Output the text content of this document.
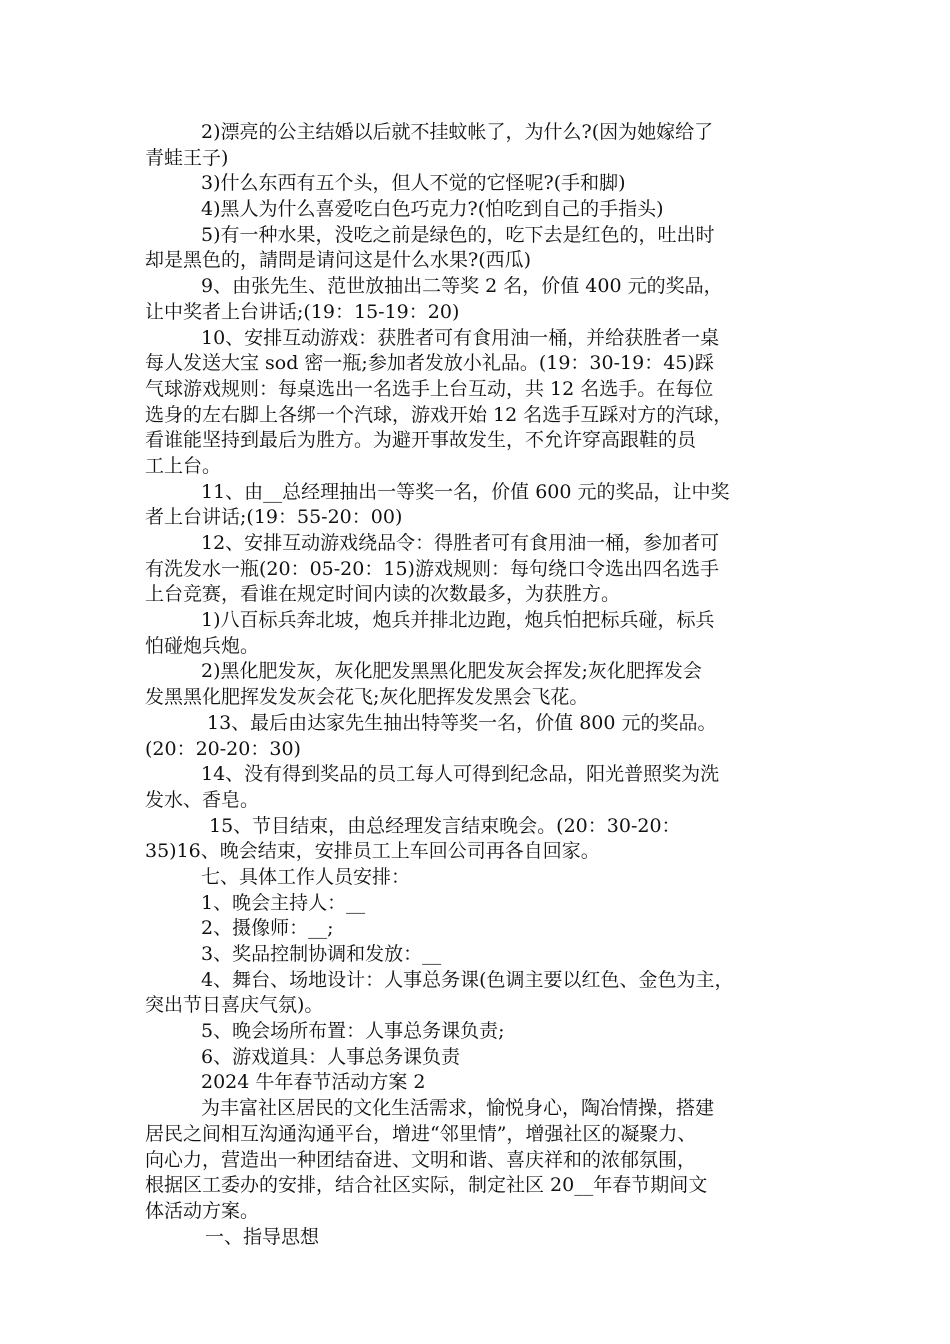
2)漂亮的公主结婚以后就不挂蚊帐了，为什么?(因为她嫁给了
青蛙王子)
3)什么东西有五个头，但人不觉的它怪呢?(手和脚)
4)黑人为什么喜爱吃白色巧克力?(怕吃到自己的手指头)
5)有一种水果，没吃之前是绿色的，吃下去是红色的，吐出时
却是黑色的，請問是请问这是什么水果?(西瓜)
9、由张先生、范世放抽出二等奖 2 名，价值 400 元的奖品，
让中奖者上台讲话;(19：15-19：20)
10、安排互动游戏：获胜者可有食用油一桶，并给获胜者一桌
每人发送大宝 sod 密一瓶;参加者发放小礼品。(19：30-19：45)踩
气球游戏规则：每桌选出一名选手上台互动，共 12 名选手。在每位
选身的左右脚上各绑一个汽球，游戏开始 12 名选手互踩对方的汽球，
看谁能坚持到最后为胜方。为避开事故发生，不允许穿高跟鞋的员
工上台。
11、由__总经理抽出一等奖一名，价值 600 元的奖品，让中奖
者上台讲话;(19：55-20：00)
12、安排互动游戏绕品令：得胜者可有食用油一桶，参加者可
有洗发水一瓶(20：05-20：15)游戏规则：每句绕口令选出四名选手
上台竞赛，看谁在规定时间内读的次数最多，为获胜方。
1)八百标兵奔北坡，炮兵并排北边跑，炮兵怕把标兵碰，标兵
怕碰炮兵炮。
2)黑化肥发灰，灰化肥发黑黑化肥发灰会挥发;灰化肥挥发会
发黑黑化肥挥发发灰会花飞;灰化肥挥发发黑会飞花。
13、最后由达家先生抽出特等奖一名，价值 800 元的奖品。
(20：20-20：30)
14、没有得到奖品的员工每人可得到纪念品，阳光普照奖为洗
发水、香皂。
15、节目结束，由总经理发言结束晚会。(20：30-20：
35)16、晚会结束，安排员工上车回公司再各自回家。
七、具体工作人员安排：
1、晚会主持人：__
2、摄像师：__;
3、奖品控制协调和发放：__
4、舞台、场地设计：人事总务课(色调主要以红色、金色为主，
突出节日喜庆气氛)。
5、晚会场所布置：人事总务课负责;
6、游戏道具：人事总务课负责
2024 牛年春节活动方案 2
为丰富社区居民的文化生活需求，愉悦身心，陶冶情操，搭建
居民之间相互沟通沟通平台，增进“邻里情”，增强社区的凝聚力、
向心力，营造出一种团结奋进、文明和谐、喜庆祥和的浓郁氛围，
根据区工委办的安排，结合社区实际，制定社区 20__年春节期间文
体活动方案。
一、指导思想
